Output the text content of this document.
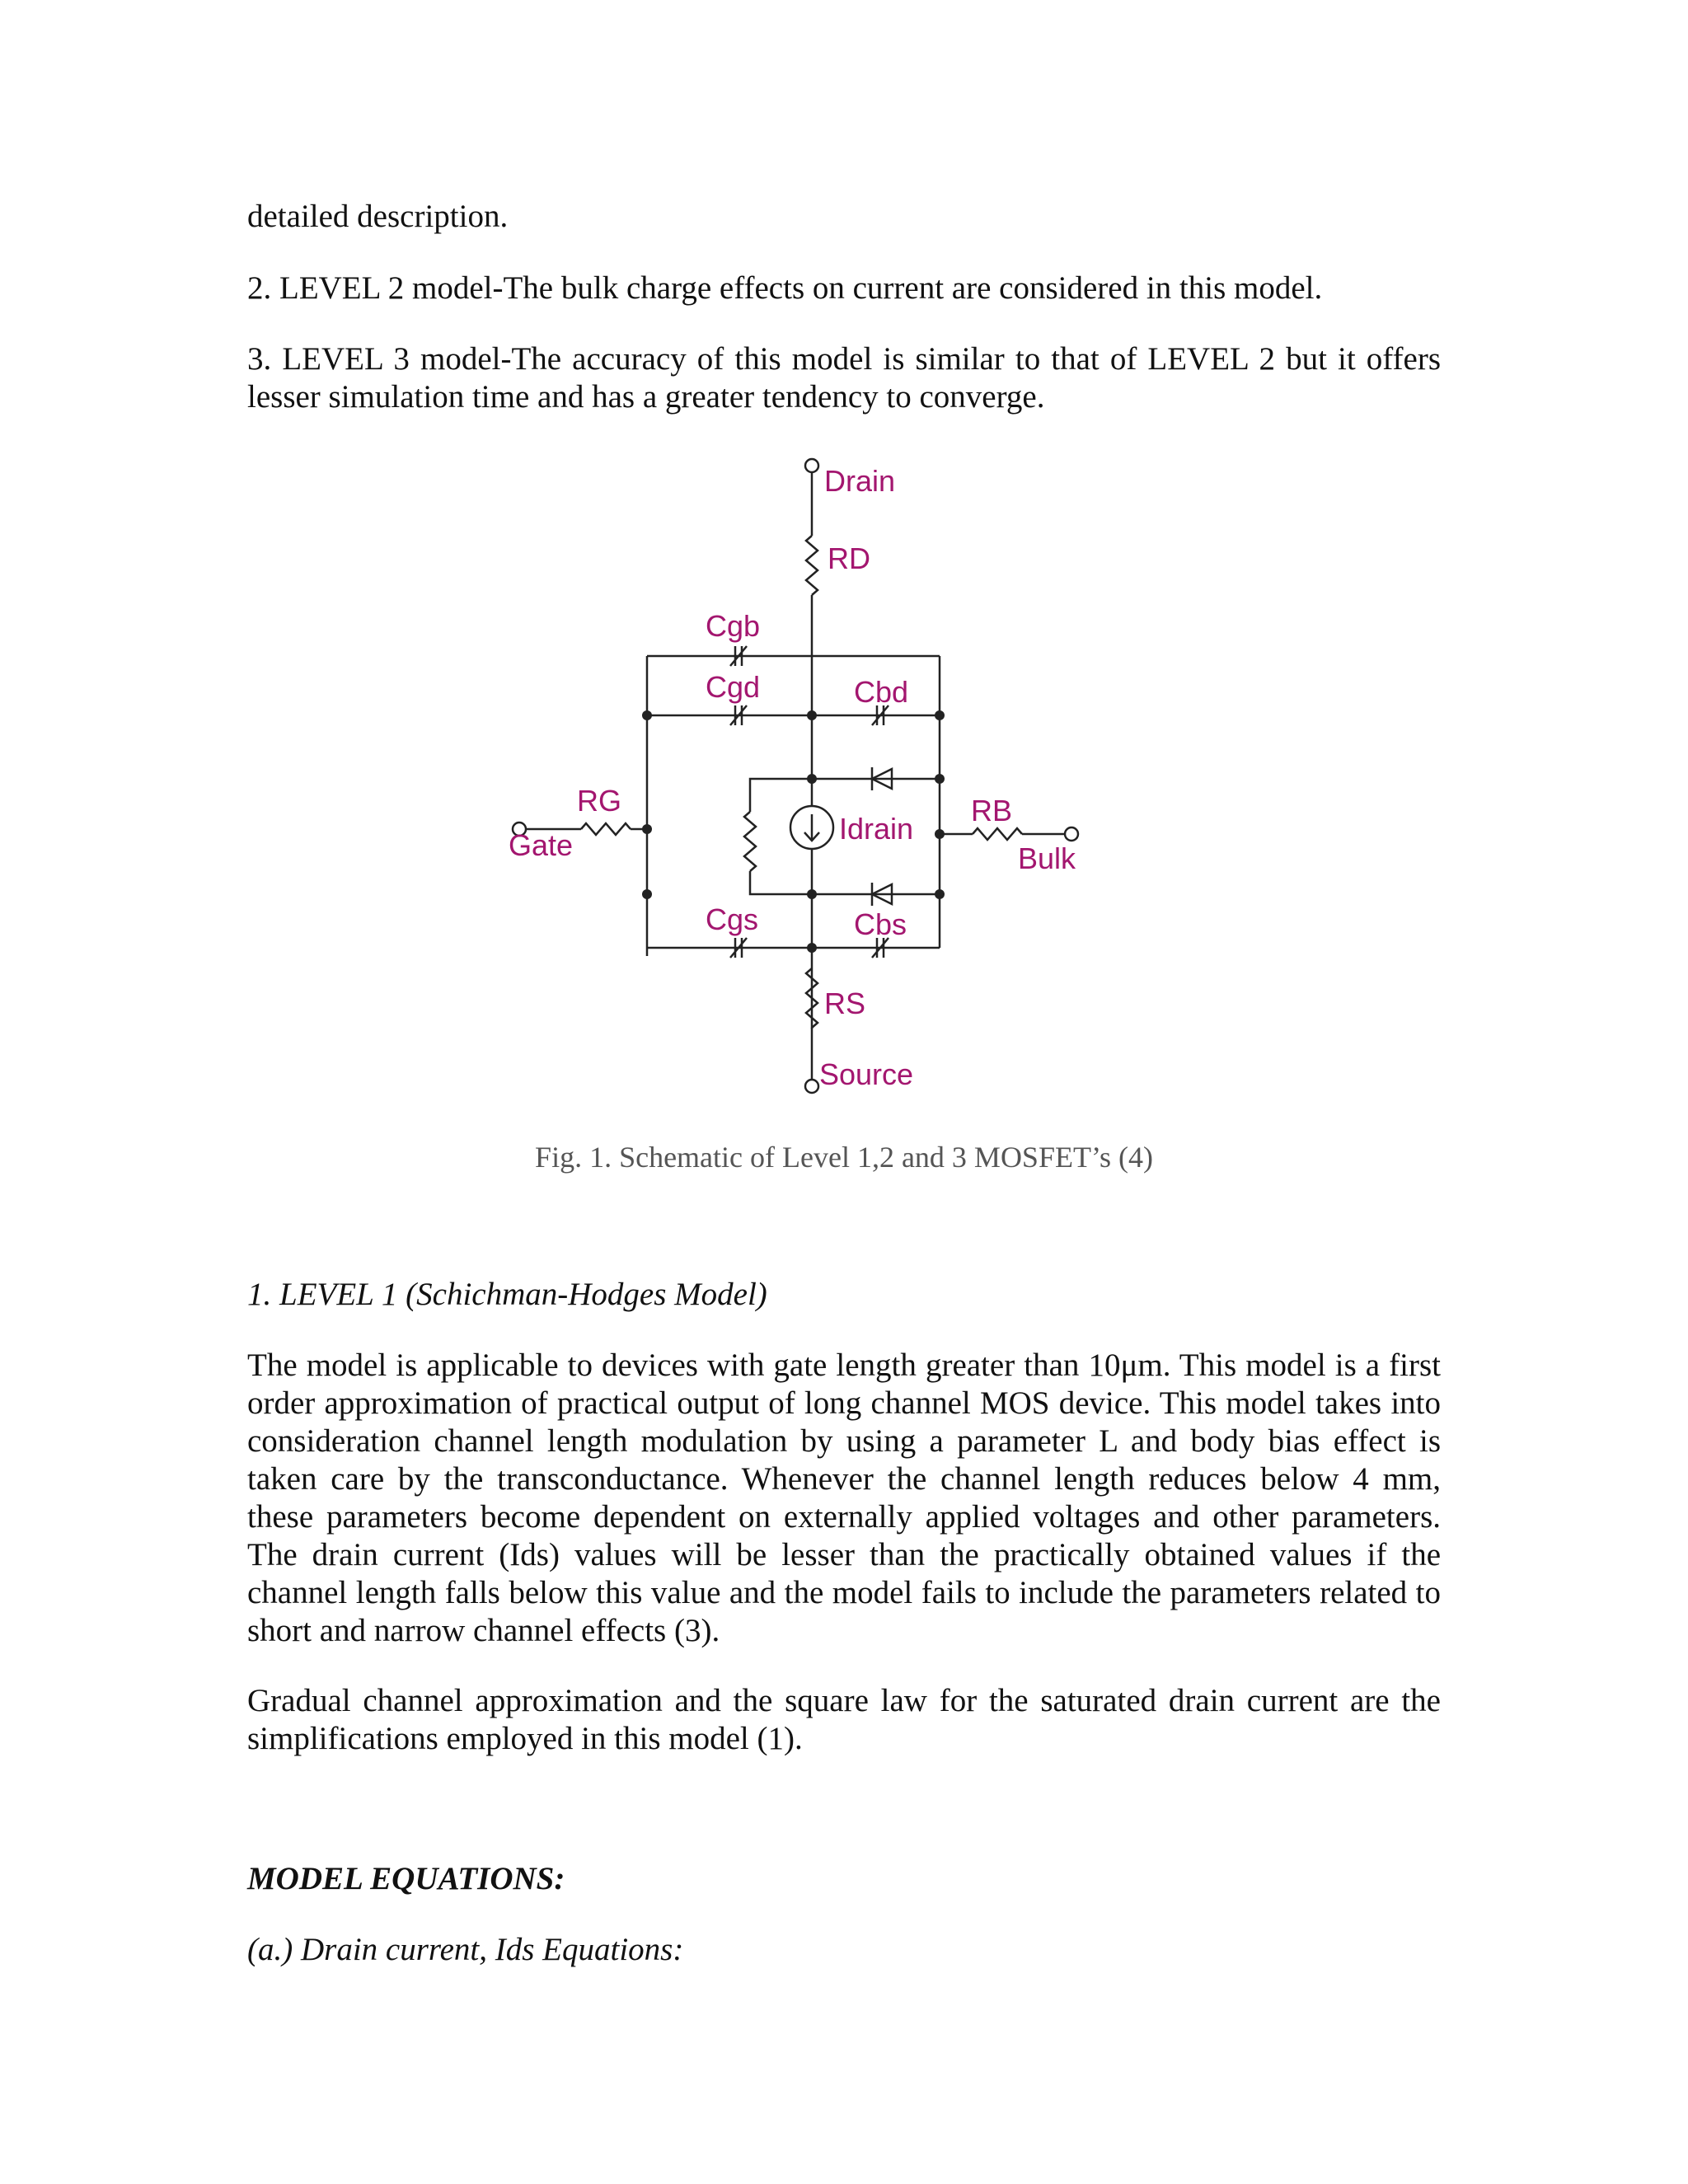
detailed description.
2. LEVEL 2 model-The bulk charge effects on current are considered in this model.
3. LEVEL 3 model-The accuracy of this model is similar to that of LEVEL 2 but it offers lesser simulation time and has a greater tendency to converge.
Drain
RD
Cgb
Cgd	Cbd
RG
Gate	Idrain
RB
Bulk
Cgs	Cbs
RS
Source
Fig. 1. Schematic of Level 1,2 and 3 MOSFET’s (4)
1. LEVEL 1 (Schichman-Hodges Model)
The model is applicable to devices with gate length greater than 10μm. This model is a first order approximation of practical output of long channel MOS device. This model takes into consideration channel length modulation by using a parameter L and body bias effect is taken care by the transconductance. Whenever the channel length reduces below 4 mm, these parameters become dependent on externally applied voltages and other parameters. The drain current (Ids) values will be lesser than the practically obtained values if the channel length falls below this value and the model fails to include the parameters related to short and narrow channel effects (3).
Gradual channel approximation and the square law for the saturated drain current are the simplifications employed in this model (1).
MODEL EQUATIONS:
(a.) Drain current, Ids Equations:
